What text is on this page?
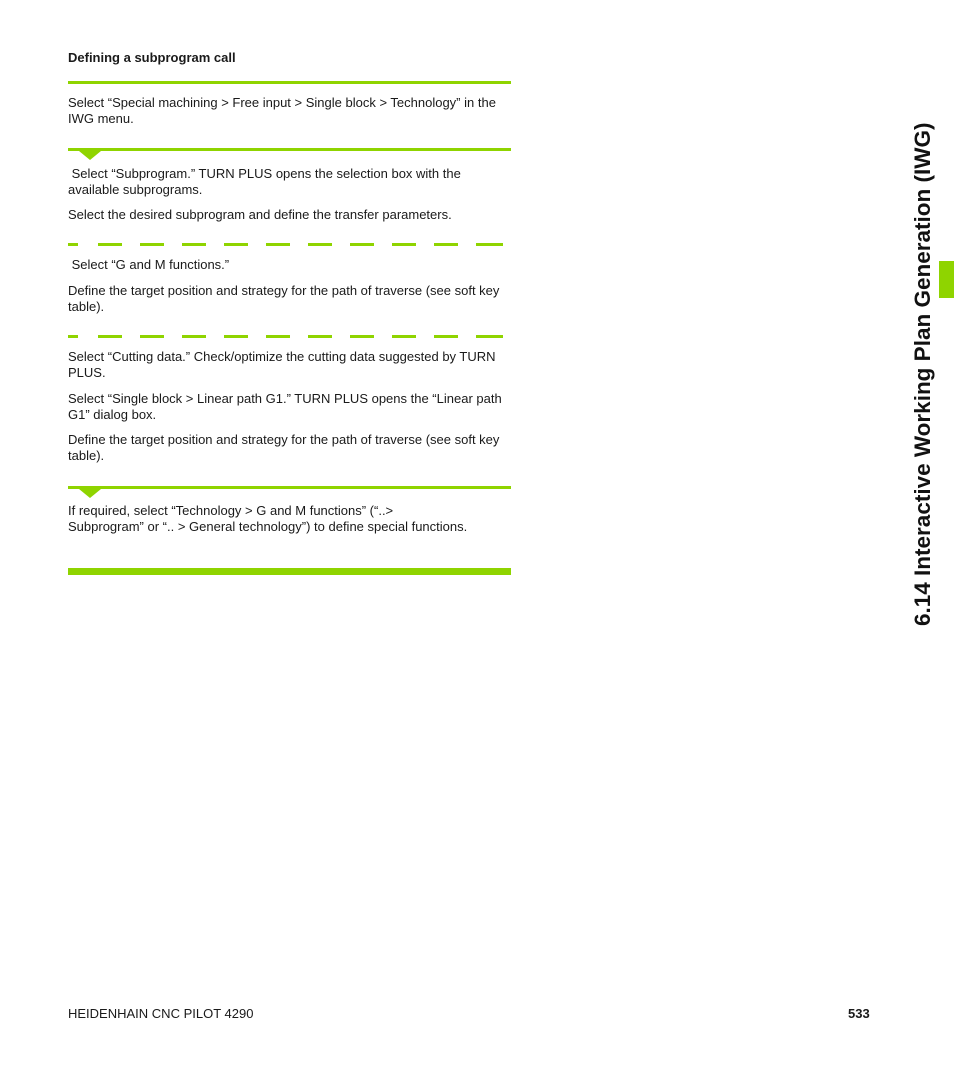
Defining a subprogram call
Select “Special machining > Free input > Single block > Technology” in the IWG menu.
Select “Subprogram.” TURN PLUS opens the selection box with the available subprograms.
Select the desired subprogram and define the transfer parameters.
Select “G and M functions.”
Define the target position and strategy for the path of traverse (see soft key table).
Select “Cutting data.” Check/optimize the cutting data suggested by TURN PLUS.
Select “Single block > Linear path G1.” TURN PLUS opens the “Linear path G1” dialog box.
Define the target position and strategy for the path of traverse (see soft key table).
If required, select “Technology > G and M functions” (“..> Subprogram” or “.. > General technology”) to define special functions.	6.14 Interactive Working Plan Generation (IWG)
HEIDENHAIN CNC PILOT 4290	533
